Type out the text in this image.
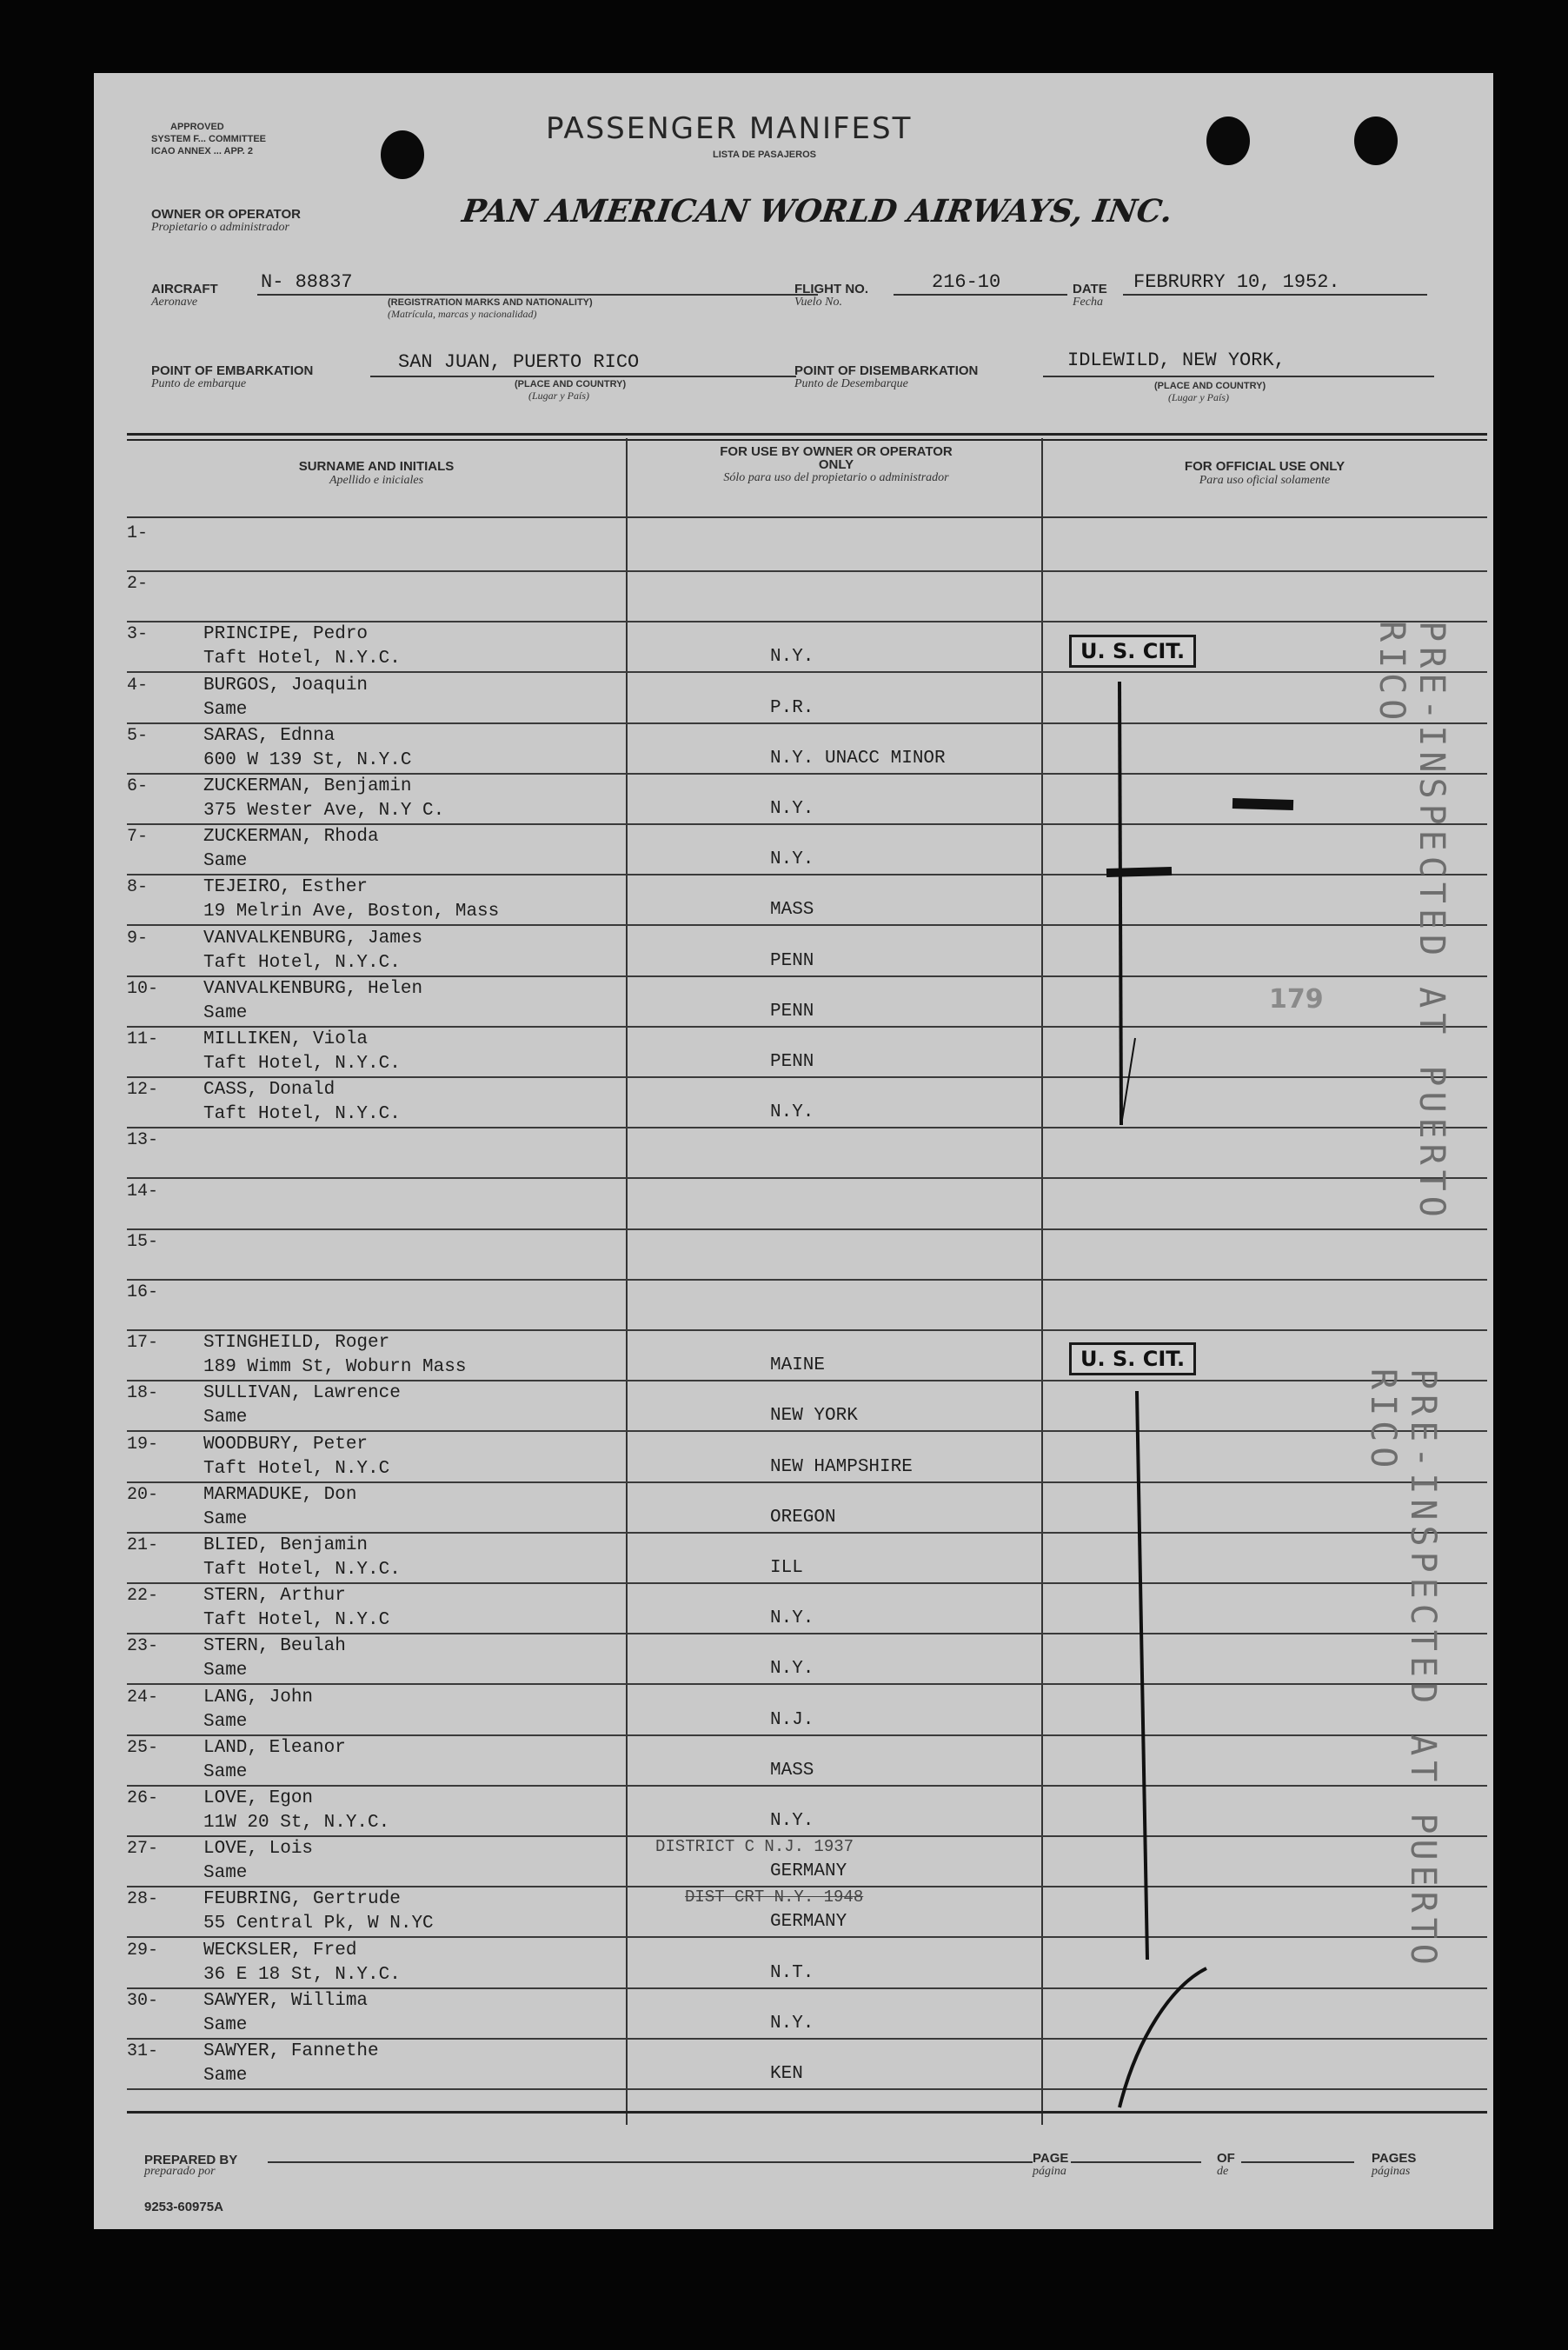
APPROVED
SYSTEM F... COMMITTEE
ICAO ANNEX ... APP. 2
PASSENGER MANIFEST
LISTA DE PASAJEROS
OWNER OR OPERATOR
Propietario o administrador	PAN AMERICAN WORLD AIRWAYS, INC.
AIRCRAFT
Aeronave
N- 88837
(REGISTRATION MARKS AND NATIONALITY)
(Matrícula, marcas y nacionalidad)
FLIGHT NO.
Vuelo No.
216-10	DATE
Fecha
FEBRURRY 10, 1952.
POINT OF EMBARKATION
Punto de embarque
SAN JUAN, PUERTO RICO
(PLACE AND COUNTRY)
(Lugar y País)
POINT OF DISEMBARKATION
Punto de Desembarque
IDLEWILD, NEW YORK,
(PLACE AND COUNTRY)
(Lugar y País)
SURNAME AND INITIALS
Apellido e iniciales
FOR USE BY OWNER OR OPERATOR ONLY
Sólo para uso del propietario o administrador
FOR OFFICIAL USE ONLY
Para uso oficial solamente
1-
2-
3-	PRINCIPE, Pedro
Taft Hotel, N.Y.C.	N.Y.
4-	BURGOS, Joaquin
Same	P.R.
5-	SARAS, Ednna
600 W 139 St, N.Y.C	N.Y. UNACC MINOR
6-	ZUCKERMAN, Benjamin
375 Wester Ave, N.Y C.	N.Y.
7-	ZUCKERMAN, Rhoda
Same	N.Y.
8-	TEJEIRO, Esther
19 Melrin Ave, Boston, Mass	MASS
9-	VANVALKENBURG, James
Taft Hotel, N.Y.C.	PENN
10- VANVALKENBURG, Helen
Same	PENN
11- MILLIKEN, Viola
Taft Hotel, N.Y.C.	PENN
12- CASS, Donald
Taft Hotel, N.Y.C.	N.Y.
13-
14-
15-
16-
17- STINGHEILD, Roger
189 Wimm St, Woburn Mass	MAINE
18- SULLIVAN, Lawrence
Same	NEW YORK
19- WOODBURY, Peter
Taft Hotel, N.Y.C	NEW HAMPSHIRE
20- MARMADUKE, Don
Same	OREGON
21- BLIED, Benjamin
Taft Hotel, N.Y.C.	ILL
22- STERN, Arthur
Taft Hotel, N.Y.C	N.Y.
23- STERN, Beulah
Same	N.Y.
24- LANG, John
Same	N.J.
25- LAND, Eleanor
Same	MASS
26- LOVE, Egon
11W 20 St, N.Y.C.	N.Y.
27- LOVE, Lois
Same	GERMANY
28- FEUBRING, Gertrude
55 Central Pk, W N.YC	GERMANY
29- WECKSLER, Fred
36 E 18 St, N.Y.C.	N.T.
30- SAWYER, Willima
Same	N.Y.
31- SAWYER, Fannethe
Same	KEN
DISTRICT C N.J. 1937
DIST CRT N.Y. 1948
U. S. CIT.
U. S. CIT.
PRE-INSPECTED AT PUERTO RICO
PRE-INSPECTED AT PUERTO RICO
179
PREPARED BY
preparado por
PAGE
página
OF
de
PAGES
páginas
9253-60975A
